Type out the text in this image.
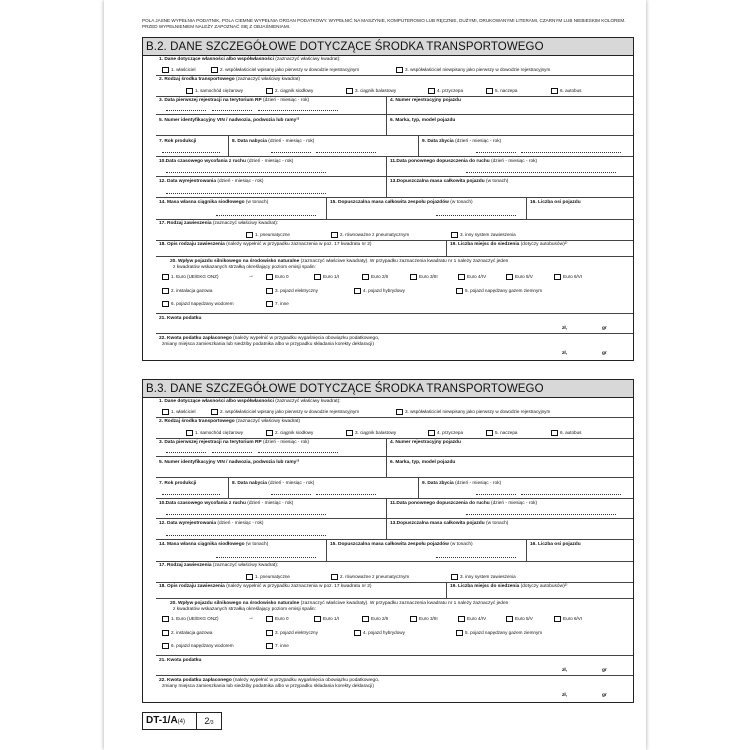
POLA JASNE WYPEŁNIA PODATNIK, POLA CIEMNE WYPEŁNIA ORGAN PODATKOWY. WYPEŁNIĆ NA MASZYNIE, KOMPUTEROWO LUB RĘCZNIE, DUŻYMI, DRUKOWANYMI LITERAMI, CZARNYM LUB NIEBIESKIM KOLOREM. PRZED WYPEŁNIENIEM NALEŻY ZAPOZNAĆ SIĘ Z OBJAŚNIENIAMI.
B.2. DANE SZCZEGÓŁOWE DOTYCZĄCE ŚRODKA TRANSPORTOWEGO
1. Dane dotyczące własności albo współwłasności (zaznaczyć właściwy kwadrat):
1. właściciel	2. współwłaściciel wpisany jako pierwszy w dowodzie rejestracyjnym	3. współwłaściciel niewpisany jako pierwszy w dowodzie rejestracyjnym
2. Rodzaj środka transportowego (zaznaczyć właściwy kwadrat)
1. samochód ciężarowy	2. ciągnik siodłowy	3. ciągnik balastowy	4. przyczepa	5. naczepa	6. autobus
3. Data pierwszej rejestracji na terytorium RP (dzień - miesiąc - rok)	4. Numer rejestracyjny pojazdu
5. Numer identyfikacyjny VIN / nadwozia, podwozia lub ramy¹⁾	6. Marka, typ, model pojazdu
7. Rok produkcji	8. Data nabycia (dzień - miesiąc - rok)	9. Data zbycia (dzień - miesiąc - rok)
10.Data czasowego wycofania z ruchu (dzień - miesiąc - rok)	11.Data ponownego dopuszczenia do ruchu (dzień - miesiąc - rok)
12. Data wyrejestrowania (dzień - miesiąc - rok)	13.Dopuszczalna masa całkowita pojazdu (w tonach)
14. Masa własna ciągnika siodłowego (w tonach)	15. Dopuszczalna masa całkowita zespołu pojazdów (w tonach)	16. Liczba osi pojazdu
17. Rodzaj zawieszenia (zaznaczyć właściwy kwadrat):
1. pneumatyczne	2. równoważne z pneumatycznym	3. inny system zawieszenia
18. Opis rodzaju zawieszenia (należy wypełnić w przypadku zaznaczenia w poz. 17 kwadratu nr 2)	19. Liczba miejsc do siedzenia (dotyczy autobusów)²⁾
20. Wpływ pojazdu silnikowego na środowisko naturalne (zaznaczyć właściwe kwadraty). W przypadku zaznaczenia kwadratu nr 1 należy zaznaczyć jeden
z kwadratów wskazanych strzałką określający poziom emisji spalin:
1. Euro (UE/EKG ONZ)	→	Euro 0	Euro 1/I	Euro 2/II	Euro 3/III	Euro 4/IV	Euro 5/V	Euro 6/VI
2. instalacja gazowa	3. pojazd elektryczny	4. pojazd hybrydowy	5. pojazd napędzany gazem ziemnym
6. pojazd napędzany wodorem	7. inne
21. Kwota podatku
zł,	gr
22. Kwota podatku zapłaconego (należy wypełnić w przypadku wygaśnięcia obowiązku podatkowego,
zmiany miejsca zamieszkania lub siedziby podatnika albo w przypadku składania korekty deklaracji)
zł,	gr
B.3. DANE SZCZEGÓŁOWE DOTYCZĄCE ŚRODKA TRANSPORTOWEGO
1. Dane dotyczące własności albo współwłasności (zaznaczyć właściwy kwadrat):
1. właściciel	2. współwłaściciel wpisany jako pierwszy w dowodzie rejestracyjnym	3. współwłaściciel niewpisany jako pierwszy w dowodzie rejestracyjnym
2. Rodzaj środka transportowego (zaznaczyć właściwy kwadrat)
1. samochód ciężarowy	2. ciągnik siodłowy	3. ciągnik balastowy	4. przyczepa	5. naczepa	6. autobus
3. Data pierwszej rejestracji na terytorium RP (dzień - miesiąc - rok)	4. Numer rejestracyjny pojazdu
5. Numer identyfikacyjny VIN / nadwozia, podwozia lub ramy¹⁾	6. Marka, typ, model pojazdu
7. Rok produkcji	8. Data nabycia (dzień - miesiąc - rok)	9. Data zbycia (dzień - miesiąc - rok)
10.Data czasowego wycofania z ruchu (dzień - miesiąc - rok)	11.Data ponownego dopuszczenia do ruchu (dzień - miesiąc - rok)
12. Data wyrejestrowania (dzień - miesiąc - rok)	13.Dopuszczalna masa całkowita pojazdu (w tonach)
14. Masa własna ciągnika siodłowego (w tonach)	15. Dopuszczalna masa całkowita zespołu pojazdów (w tonach)	16. Liczba osi pojazdu
17. Rodzaj zawieszenia (zaznaczyć właściwy kwadrat):
1. pneumatyczne	2. równoważne z pneumatycznym	3. inny system zawieszenia
18. Opis rodzaju zawieszenia (należy wypełnić w przypadku zaznaczenia w poz. 17 kwadratu nr 2)	19. Liczba miejsc do siedzenia (dotyczy autobusów)²⁾
20. Wpływ pojazdu silnikowego na środowisko naturalne (zaznaczyć właściwe kwadraty). W przypadku zaznaczenia kwadratu nr 1 należy zaznaczyć jeden
z kwadratów wskazanych strzałką określający poziom emisji spalin:
1. Euro (UE/EKG ONZ)	→	Euro 0	Euro 1/I	Euro 2/II	Euro 3/III	Euro 4/IV	Euro 5/V	Euro 6/VI
2. instalacja gazowa	3. pojazd elektryczny	4. pojazd hybrydowy	5. pojazd napędzany gazem ziemnym
6. pojazd napędzany wodorem	7. inne
21. Kwota podatku
zł,	gr
22. Kwota podatku zapłaconego (należy wypełnić w przypadku wygaśnięcia obowiązku podatkowego,
zmiany miejsca zamieszkania lub siedziby podatnika albo w przypadku składania korekty deklaracji)
zł,	gr
DT-1/A(4)	2/3
